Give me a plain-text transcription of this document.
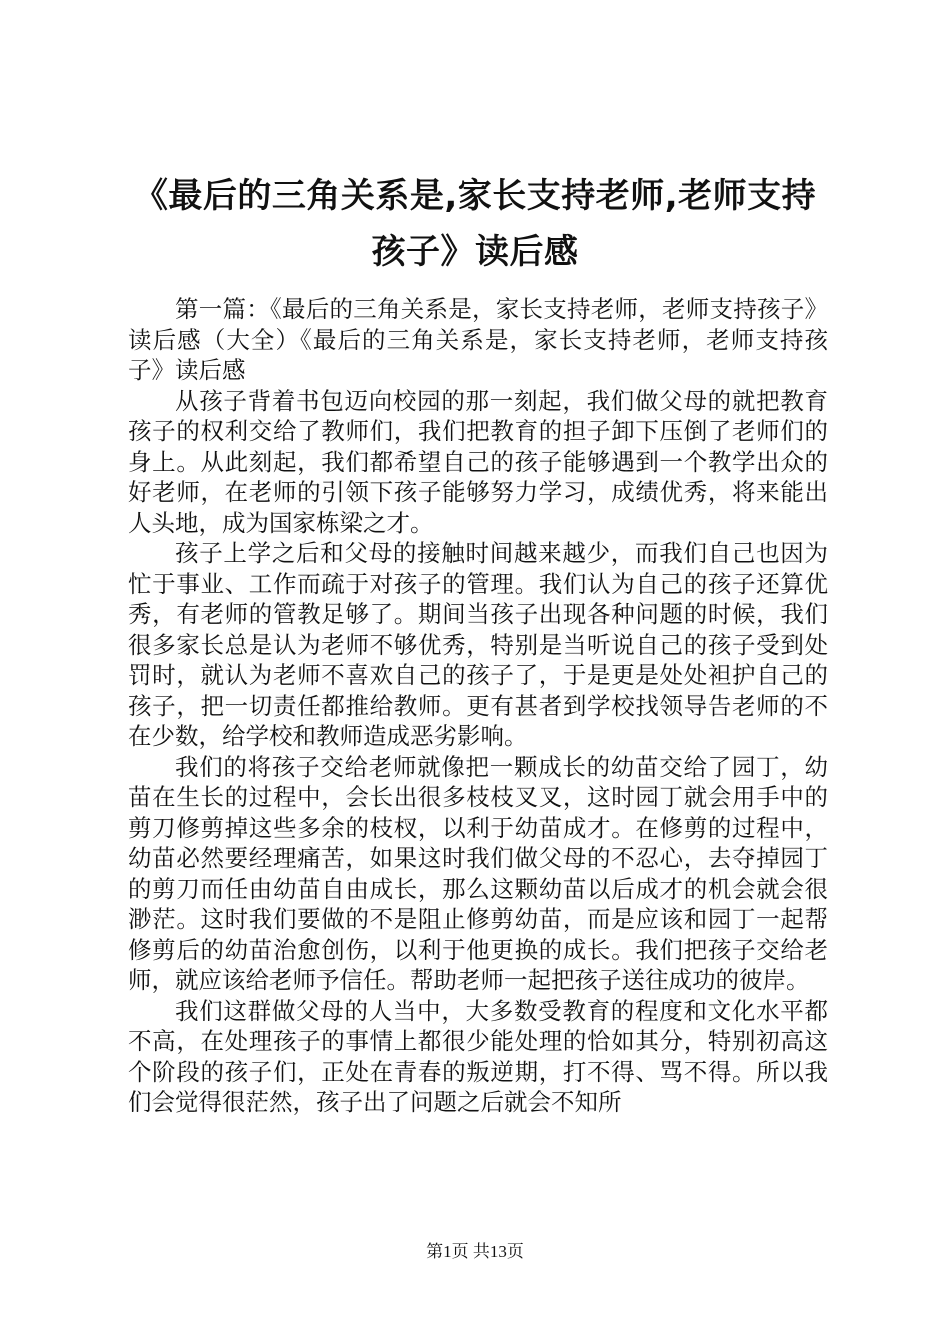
《最后的三角关系是,家长支持老师,老师支持
孩子》读后感

第一篇：《最后的三角关系是，家长支持老师，老师支持孩子》读后感（大全）《最后的三角关系是，家长支持老师，老师支持孩子》读后感

从孩子背着书包迈向校园的那一刻起，我们做父母的就把教育孩子的权利交给了教师们，我们把教育的担子卸下压倒了老师们的身上。从此刻起，我们都希望自己的孩子能够遇到一个教学出众的好老师，在老师的引领下孩子能够努力学习，成绩优秀，将来能出人头地，成为国家栋梁之才。

孩子上学之后和父母的接触时间越来越少，而我们自己也因为忙于事业、工作而疏于对孩子的管理。我们认为自己的孩子还算优秀，有老师的管教足够了。期间当孩子出现各种问题的时候，我们很多家长总是认为老师不够优秀，特别是当听说自己的孩子受到处罚时，就认为老师不喜欢自己的孩子了，于是更是处处袒护自己的孩子，把一切责任都推给教师。更有甚者到学校找领导告老师的不在少数，给学校和教师造成恶劣影响。

我们的将孩子交给老师就像把一颗成长的幼苗交给了园丁，幼苗在生长的过程中，会长出很多枝枝叉叉，这时园丁就会用手中的剪刀修剪掉这些多余的枝杈，以利于幼苗成才。在修剪的过程中，幼苗必然要经理痛苦，如果这时我们做父母的不忍心，去夺掉园丁的剪刀而任由幼苗自由成长，那么这颗幼苗以后成才的机会就会很渺茫。这时我们要做的不是阻止修剪幼苗，而是应该和园丁一起帮修剪后的幼苗治愈创伤，以利于他更换的成长。我们把孩子交给老师，就应该给老师予信任。帮助老师一起把孩子送往成功的彼岸。

我们这群做父母的人当中，大多数受教育的程度和文化水平都不高，在处理孩子的事情上都很少能处理的恰如其分，特别初高这个阶段的孩子们，正处在青春的叛逆期，打不得、骂不得。所以我们会觉得很茫然，孩子出了问题之后就会不知所

第1页 共13页
